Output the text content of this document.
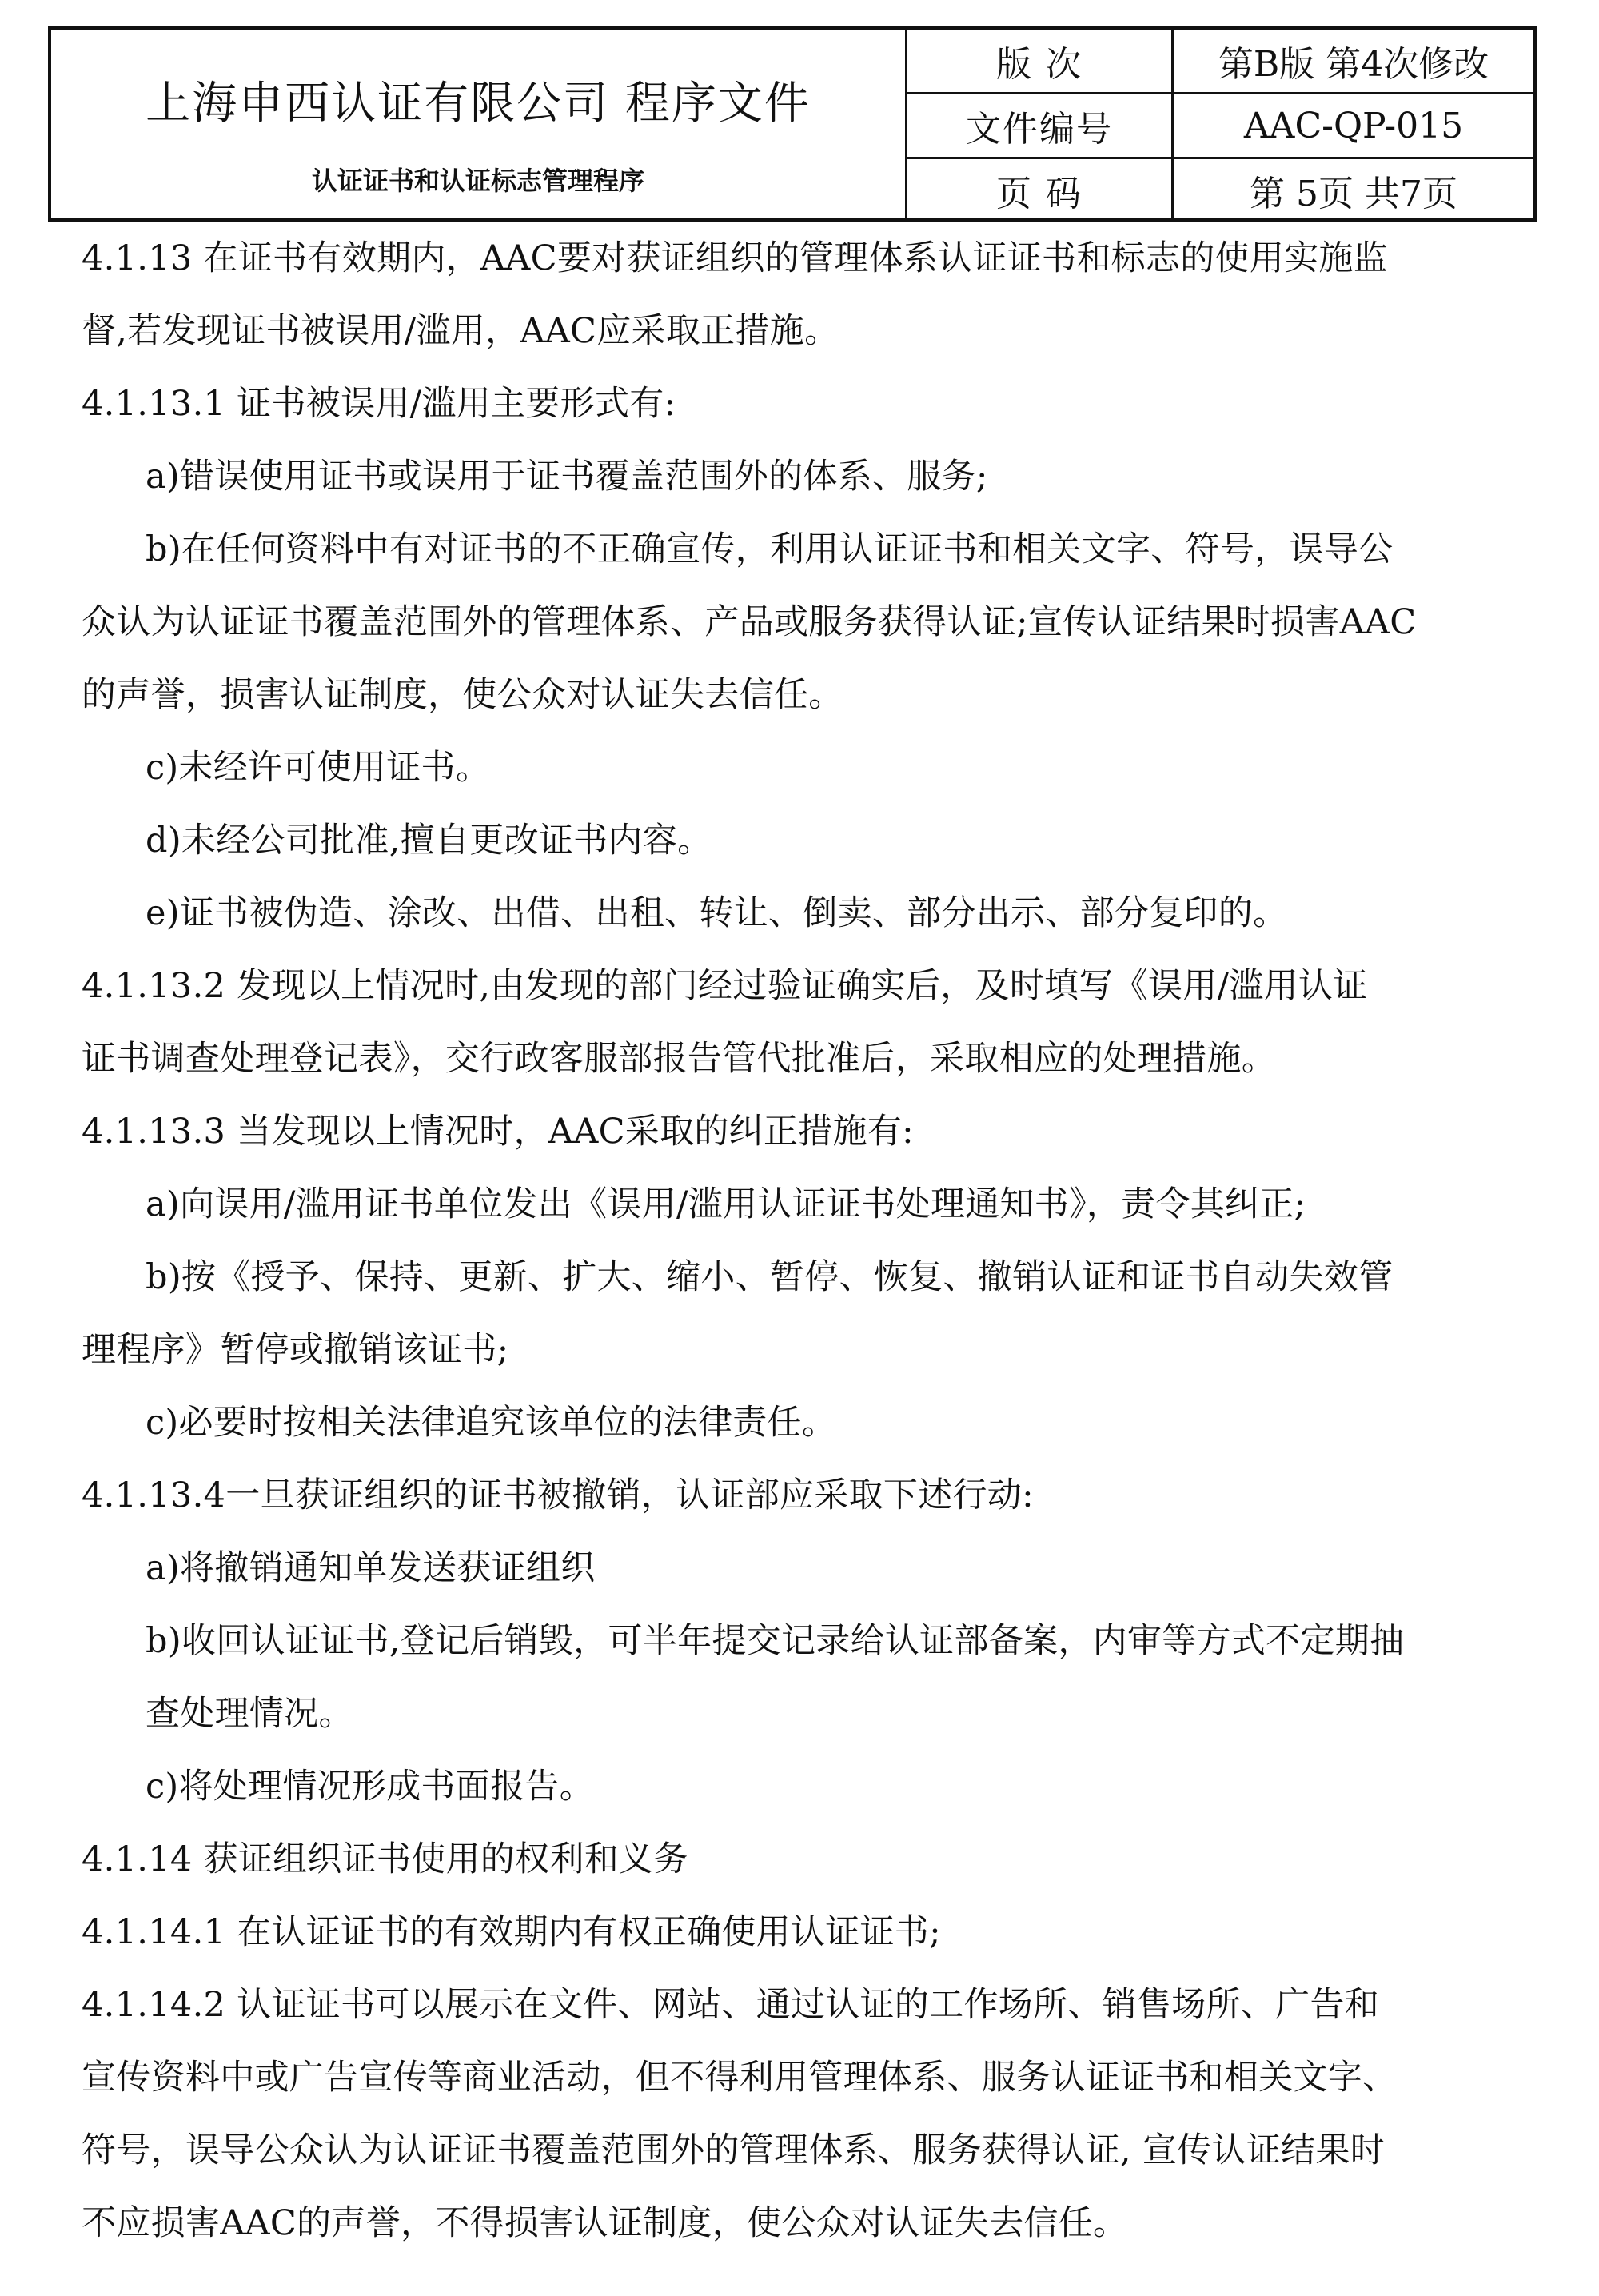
上海申西认证有限公司 程序文件
认证证书和认证标志管理程序
版 次	第B版 第4次修改
文件编号	AAC-QP-015
页 码	第 5页 共7页

4.1.13 在证书有效期内，AAC要对获证组织的管理体系认证证书和标志的使用实施监

督,若发现证书被误用/滥用，AAC应采取正措施。

4.1.13.1 证书被误用/滥用主要形式有:

a)错误使用证书或误用于证书覆盖范围外的体系、服务;

b)在任何资料中有对证书的不正确宣传，利用认证证书和相关文字、符号，误导公

众认为认证证书覆盖范围外的管理体系、产品或服务获得认证;宣传认证结果时损害AAC

的声誉，损害认证制度，使公众对认证失去信任。

c)未经许可使用证书。

d)未经公司批准,擅自更改证书内容。

e)证书被伪造、涂改、出借、出租、转让、倒卖、部分出示、部分复印的。

4.1.13.2 发现以上情况时,由发现的部门经过验证确实后，及时填写《误用/滥用认证

证书调查处理登记表》，交行政客服部报告管代批准后，采取相应的处理措施。

4.1.13.3 当发现以上情况时，AAC采取的纠正措施有:

a)向误用/滥用证书单位发出《误用/滥用认证证书处理通知书》，责令其纠正;

b)按《授予、保持、更新、扩大、缩小、暂停、恢复、撤销认证和证书自动失效管

理程序》暂停或撤销该证书;

c)必要时按相关法律追究该单位的法律责任。

4.1.13.4一旦获证组织的证书被撤销，认证部应采取下述行动:

a)将撤销通知单发送获证组织

b)收回认证证书,登记后销毁，可半年提交记录给认证部备案，内审等方式不定期抽

查处理情况。

c)将处理情况形成书面报告。

4.1.14 获证组织证书使用的权利和义务

4.1.14.1 在认证证书的有效期内有权正确使用认证证书;

4.1.14.2 认证证书可以展示在文件、网站、通过认证的工作场所、销售场所、广告和

宣传资料中或广告宣传等商业活动，但不得利用管理体系、服务认证证书和相关文字、

符号，误导公众认为认证证书覆盖范围外的管理体系、服务获得认证, 宣传认证结果时

不应损害AAC的声誉，不得损害认证制度，使公众对认证失去信任。
